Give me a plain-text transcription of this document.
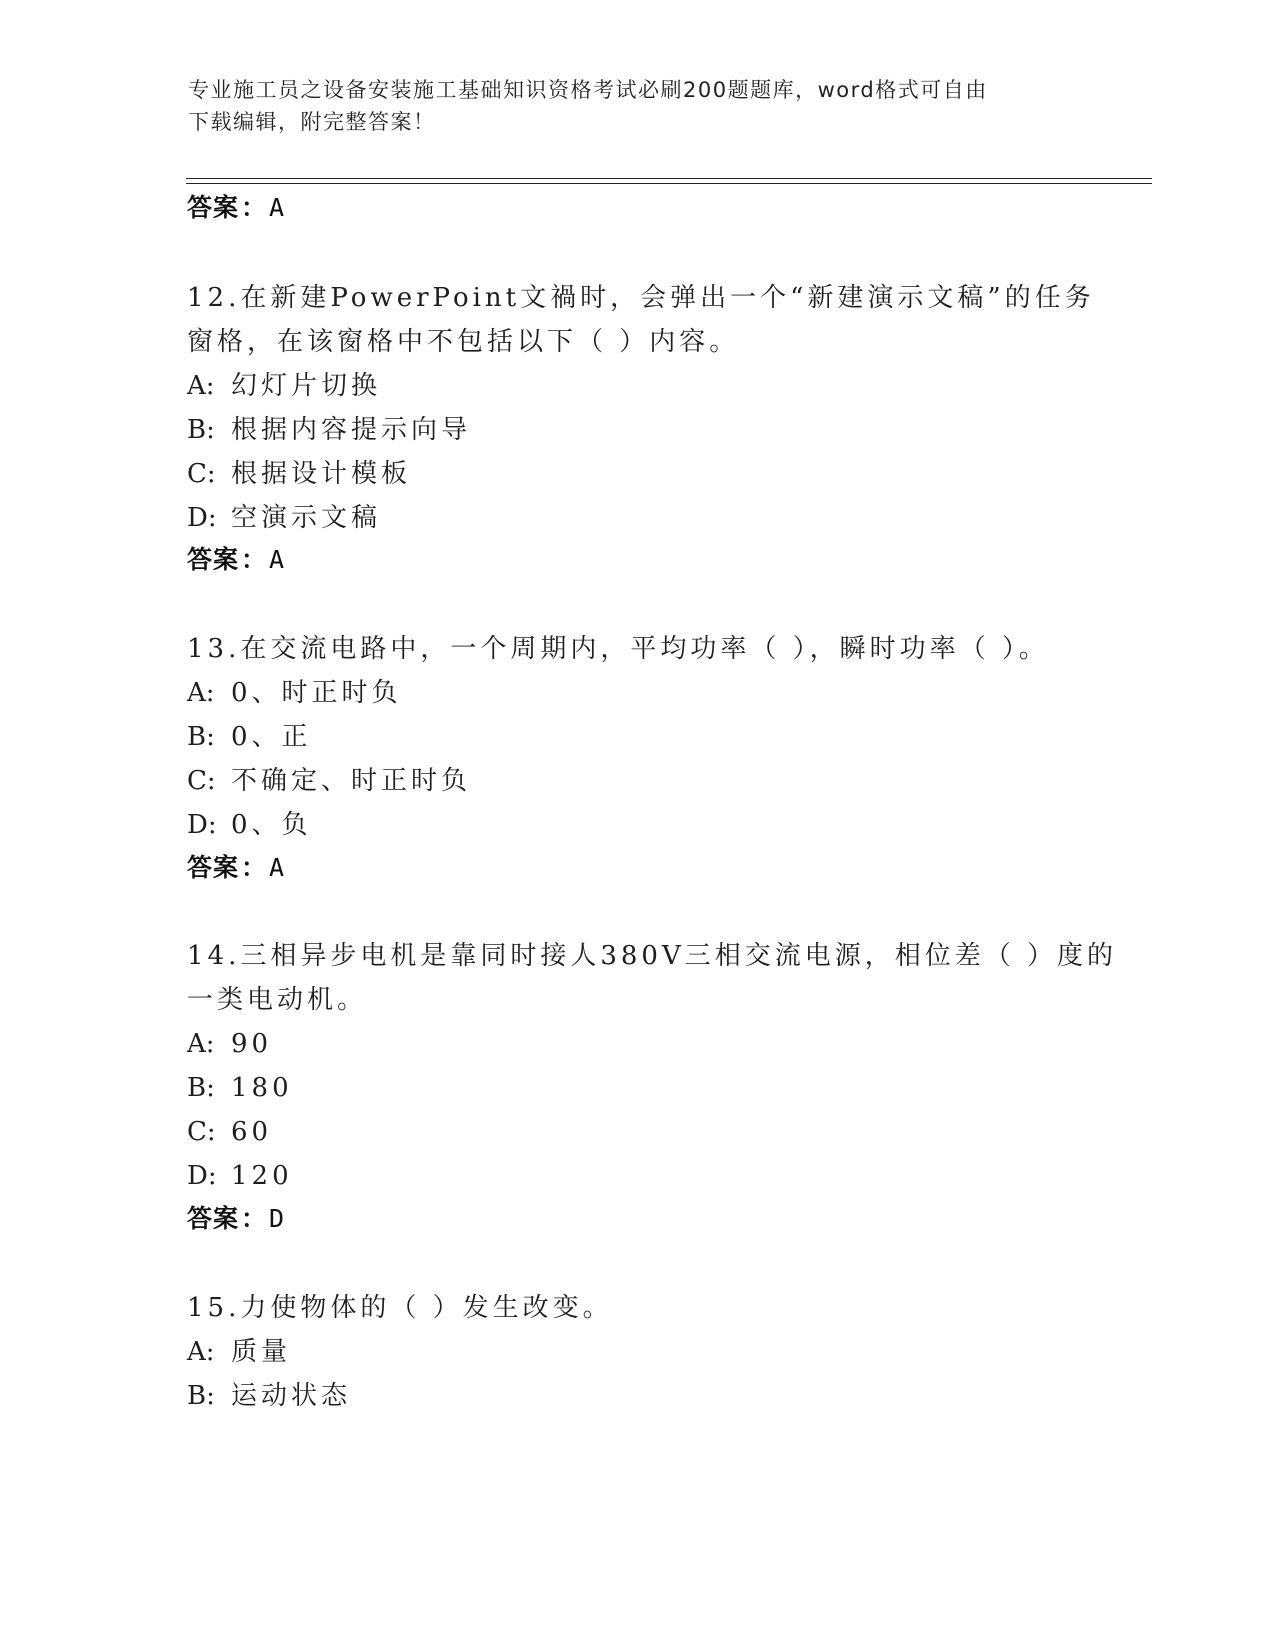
专业施工员之设备安装施工基础知识资格考试必刷200题题库，word格式可自由
下载编辑，附完整答案！
答案：A
12.在新建PowerPoint文禍时，会弹出一个“新建演示文稿”的任务
窗格，在该窗格中不包括以下（ ）内容。
A: 幻灯片切换
B: 根据内容提示向导
C: 根据设计模板
D: 空演示文稿
答案：A
13.在交流电路中，一个周期内，平均功率（ ），瞬时功率（ ）。
A: 0、时正时负
B: 0、正
C: 不确定、时正时负
D: 0、负
答案：A
14.三相异步电机是靠同时接人380V三相交流电源，相位差（ ）度的
一类电动机。
A: 90
B: 180
C: 60
D: 120
答案：D
15.力使物体的（ ）发生改变。
A: 质量
B: 运动状态
